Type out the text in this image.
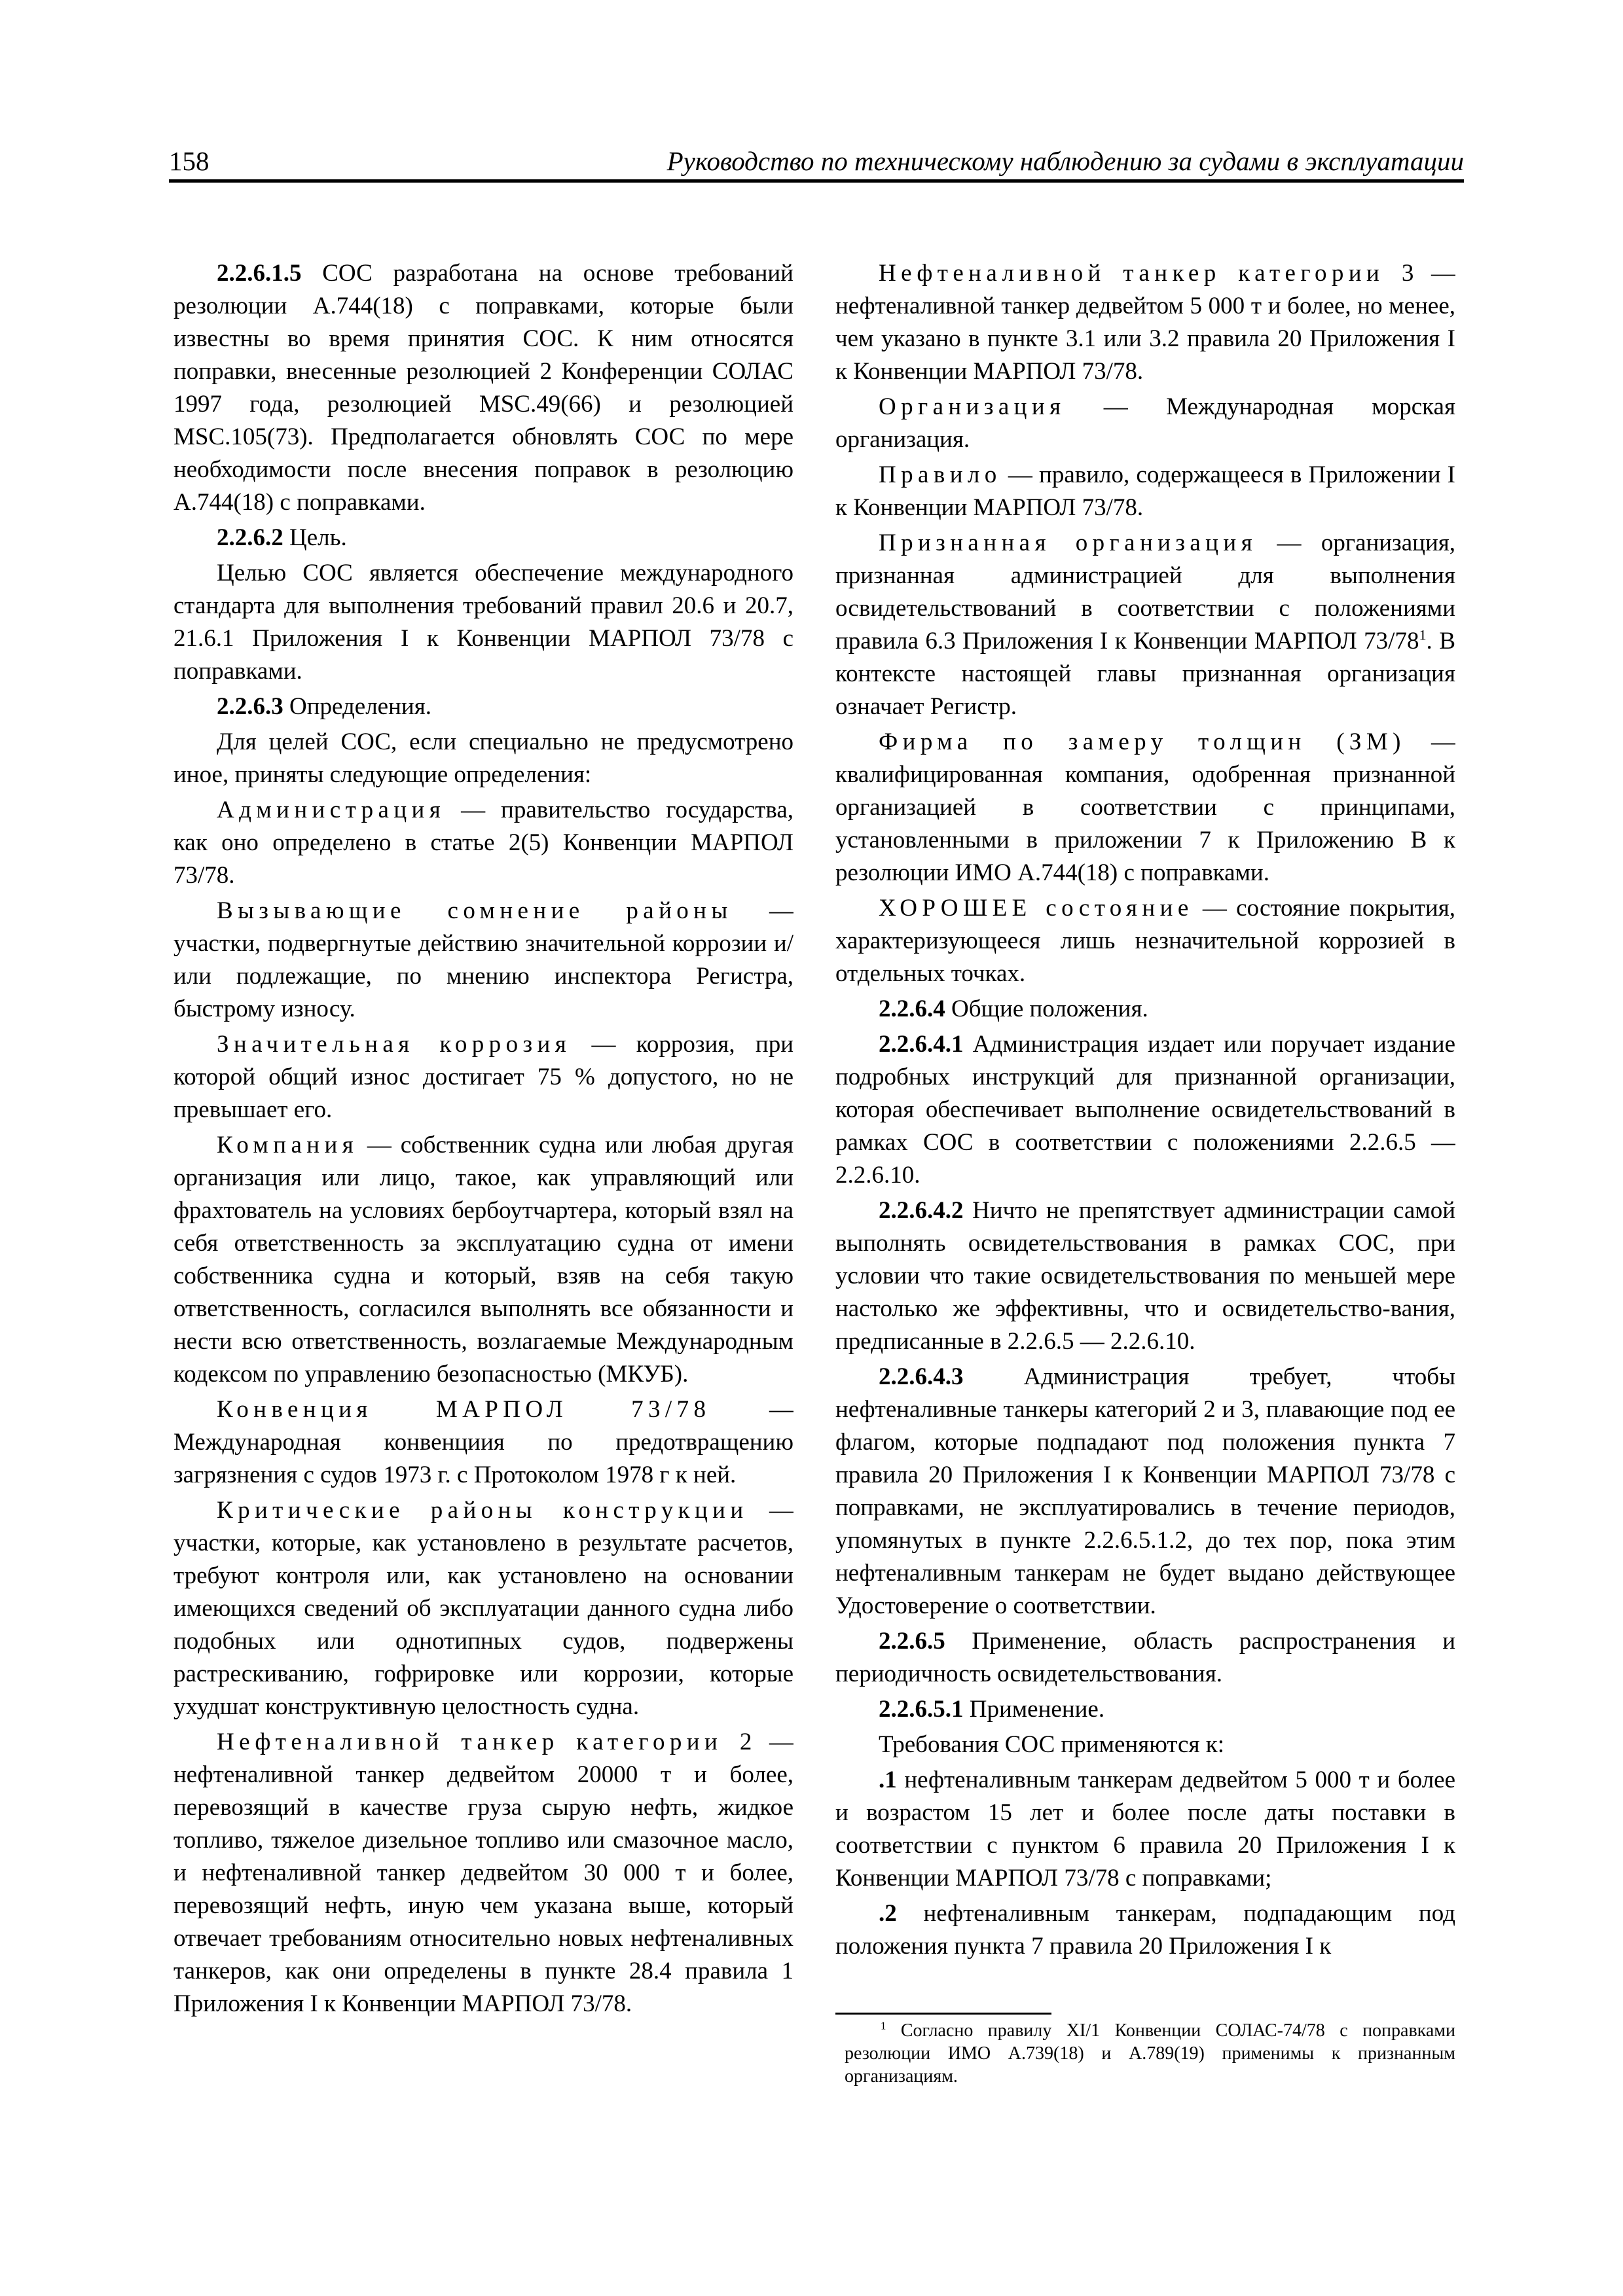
158	Руководство по техническому наблюдению за судами в эксплуатации

2.2.6.1.5 СОС разработана на основе требований резолюции А.744(18) с поправками, которые были известны во время принятия СОС. К ним относятся поправки, внесенные резолюцией 2 Конференции СОЛАС 1997 года, резолюцией MSC.49(66) и резолюцией MSC.105(73). Предполагается обновлять СОС по мере необходимости после внесения поправок в резолюцию А.744(18) с поправками.

2.2.6.2 Цель.

Целью СОС является обеспечение международного стандарта для выполнения требований правил 20.6 и 20.7, 21.6.1 Приложения I к Конвенции МАРПОЛ 73/78 с поправками.

2.2.6.3 Определения.

Для целей СОС, если специально не предусмотрено иное, приняты следующие определения:

Администрация — правительство государства, как оно определено в статье 2(5) Конвенции МАРПОЛ 73/78.

Вызывающие сомнение районы — участки, подвергнутые действию значительной коррозии и/или подлежащие, по мнению инспектора Регистра, быстрому износу.

Значительная коррозия — коррозия, при которой общий износ достигает 75 % допустого, но не превышает его.

Компания — собственник судна или любая другая организация или лицо, такое, как управляющий или фрахтователь на условиях бербоутчартера, который взял на себя ответственность за эксплуатацию судна от имени собственника судна и который, взяв на себя такую ответственность, согласился выполнять все обязанности и нести всю ответственность, возлагаемые Международным кодексом по управлению безопасностью (МКУБ).

Конвенция МАРПОЛ 73/78 — Международная конвенциия по предотвращению загрязнения с судов 1973 г. с Протоколом 1978 г к ней.

Критические районы конструкции — участки, которые, как установлено в результате расчетов, требуют контроля или, как установлено на основании имеющихся сведений об эксплуатации данного судна либо подобных или однотипных судов, подвержены растрескиванию, гофрировке или коррозии, которые ухудшат конструктивную целостность судна.

Нефтеналивной танкер категории 2 — нефтеналивной танкер дедвейтом 20000 т и более, перевозящий в качестве груза сырую нефть, жидкое топливо, тяжелое дизельное топливо или смазочное масло, и нефтеналивной танкер дедвейтом 30 000 т и более, перевозящий нефть, иную чем указана выше, который отвечает требованиям относительно новых нефтеналивных танкеров, как они определены в пункте 28.4 правила 1 Приложения I к Конвенции МАРПОЛ 73/78.

Нефтеналивной танкер категории 3 — нефтеналивной танкер дедвейтом 5 000 т и более, но менее, чем указано в пункте 3.1 или 3.2 правила 20 Приложения I к Конвенции МАРПОЛ 73/78.

Организация — Международная морская организация.

Правило — правило, содержащееся в Приложении I к Конвенции МАРПОЛ 73/78.

Признанная организация — организация, признанная администрацией для выполнения освидетельствований в соответствии с положениями правила 6.3 Приложения I к Конвенции МАРПОЛ $73/78^1$. В контексте настоящей главы признанная организация означает Регистр.

Фирма по замеру толщин (ЗМ) — квалифицированная компания, одобренная признанной организацией в соответствии с принципами, установленными в приложении 7 к Приложению В к резолюции ИМО А.744(18) с поправками.

ХОРОШЕЕ состояние — состояние покрытия, характеризующееся лишь незначительной коррозией в отдельных точках.

2.2.6.4 Общие положения.

2.2.6.4.1 Администрация издает или поручает издание подробных инструкций для признанной организации, которая обеспечивает выполнение освидетельствований в рамках СОС в соответствии с положениями 2.2.6.5 — 2.2.6.10.

2.2.6.4.2 Ничто не препятствует администрации самой выполнять освидетельствования в рамках СОС, при условии что такие освидетельствования по меньшей мере настолько же эффективны, что и освидетельство-вания, предписанные в 2.2.6.5 — 2.2.6.10.

2.2.6.4.3 Администрация требует, чтобы нефтеналивные танкеры категорий 2 и 3, плавающие под ее флагом, которые подпадают под положения пункта 7 правила 20 Приложения I к Конвенции МАРПОЛ 73/78 с поправками, не эксплуатировались в течение периодов, упомянутых в пункте 2.2.6.5.1.2, до тех пор, пока этим нефтеналивным танкерам не будет выдано действующее Удостоверение о соответствии.

2.2.6.5 Применение, область распространения и периодичность освидетельствования.

2.2.6.5.1 Применение.

Требования СОС применяются к:

.1 нефтеналивным танкерам дедвейтом 5 000 т и более и возрастом 15 лет и более после даты поставки в соответствии с пунктом 6 правила 20 Приложения I к Конвенции МАРПОЛ 73/78 с поправками;

.2 нефтеналивным танкерам, подпадающим под положения пункта 7 правила 20 Приложения I к

$^1$ Согласно правилу XI/1 Конвенции СОЛАС-74/78 с поправками резолюции ИМО А.739(18) и А.789(19) применимы к признанным организациям.
